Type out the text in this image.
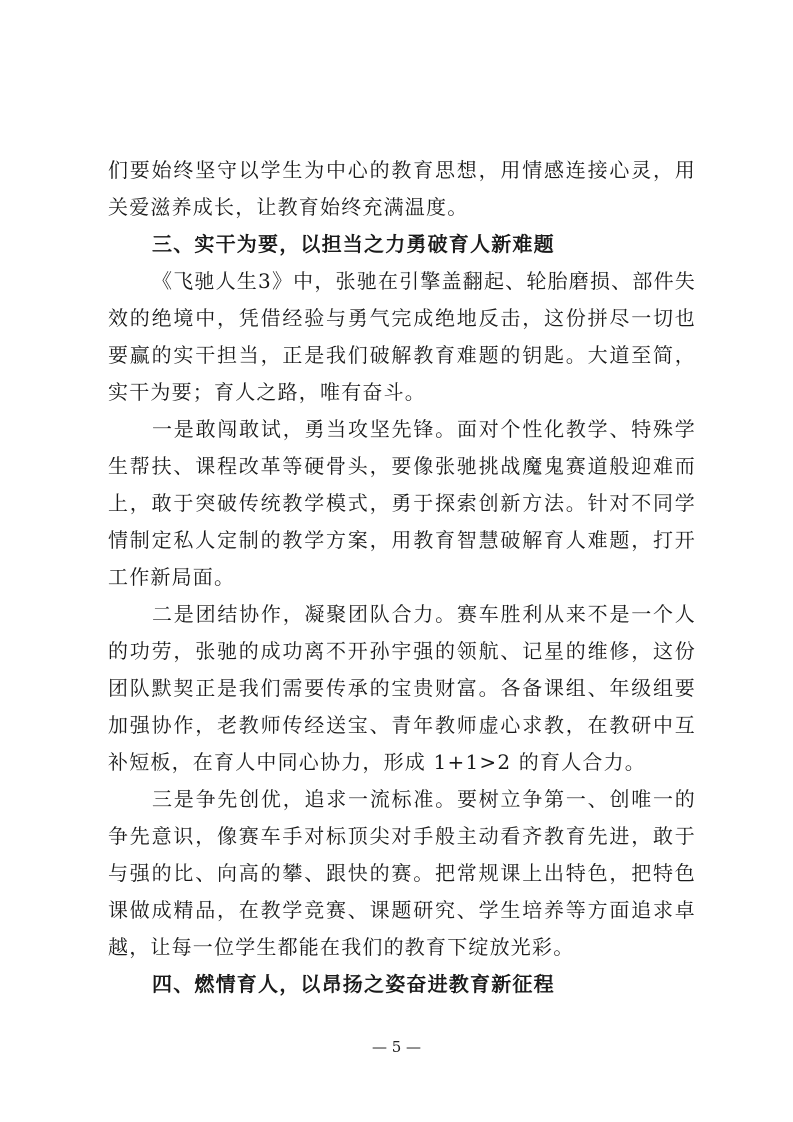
们要始终坚守以学生为中心的教育思想，用情感连接心灵，用关爱滋养成长，让教育始终充满温度。

三、实干为要，以担当之力勇破育人新难题

《飞驰人生3》中，张驰在引擎盖翻起、轮胎磨损、部件失效的绝境中，凭借经验与勇气完成绝地反击，这份拼尽一切也要赢的实干担当，正是我们破解教育难题的钥匙。大道至简，实干为要；育人之路，唯有奋斗。

一是敢闯敢试，勇当攻坚先锋。面对个性化教学、特殊学生帮扶、课程改革等硬骨头，要像张驰挑战魔鬼赛道般迎难而上，敢于突破传统教学模式，勇于探索创新方法。针对不同学情制定私人定制的教学方案，用教育智慧破解育人难题，打开工作新局面。

二是团结协作，凝聚团队合力。赛车胜利从来不是一个人的功劳，张驰的成功离不开孙宇强的领航、记星的维修，这份团队默契正是我们需要传承的宝贵财富。各备课组、年级组要加强协作，老教师传经送宝、青年教师虚心求教，在教研中互补短板，在育人中同心协力，形成 1+1>2 的育人合力。

三是争先创优，追求一流标准。要树立争第一、创唯一的争先意识，像赛车手对标顶尖对手般主动看齐教育先进，敢于与强的比、向高的攀、跟快的赛。把常规课上出特色，把特色课做成精品，在教学竞赛、课题研究、学生培养等方面追求卓越，让每一位学生都能在我们的教育下绽放光彩。

四、燃情育人，以昂扬之姿奋进教育新征程

— 5 —
